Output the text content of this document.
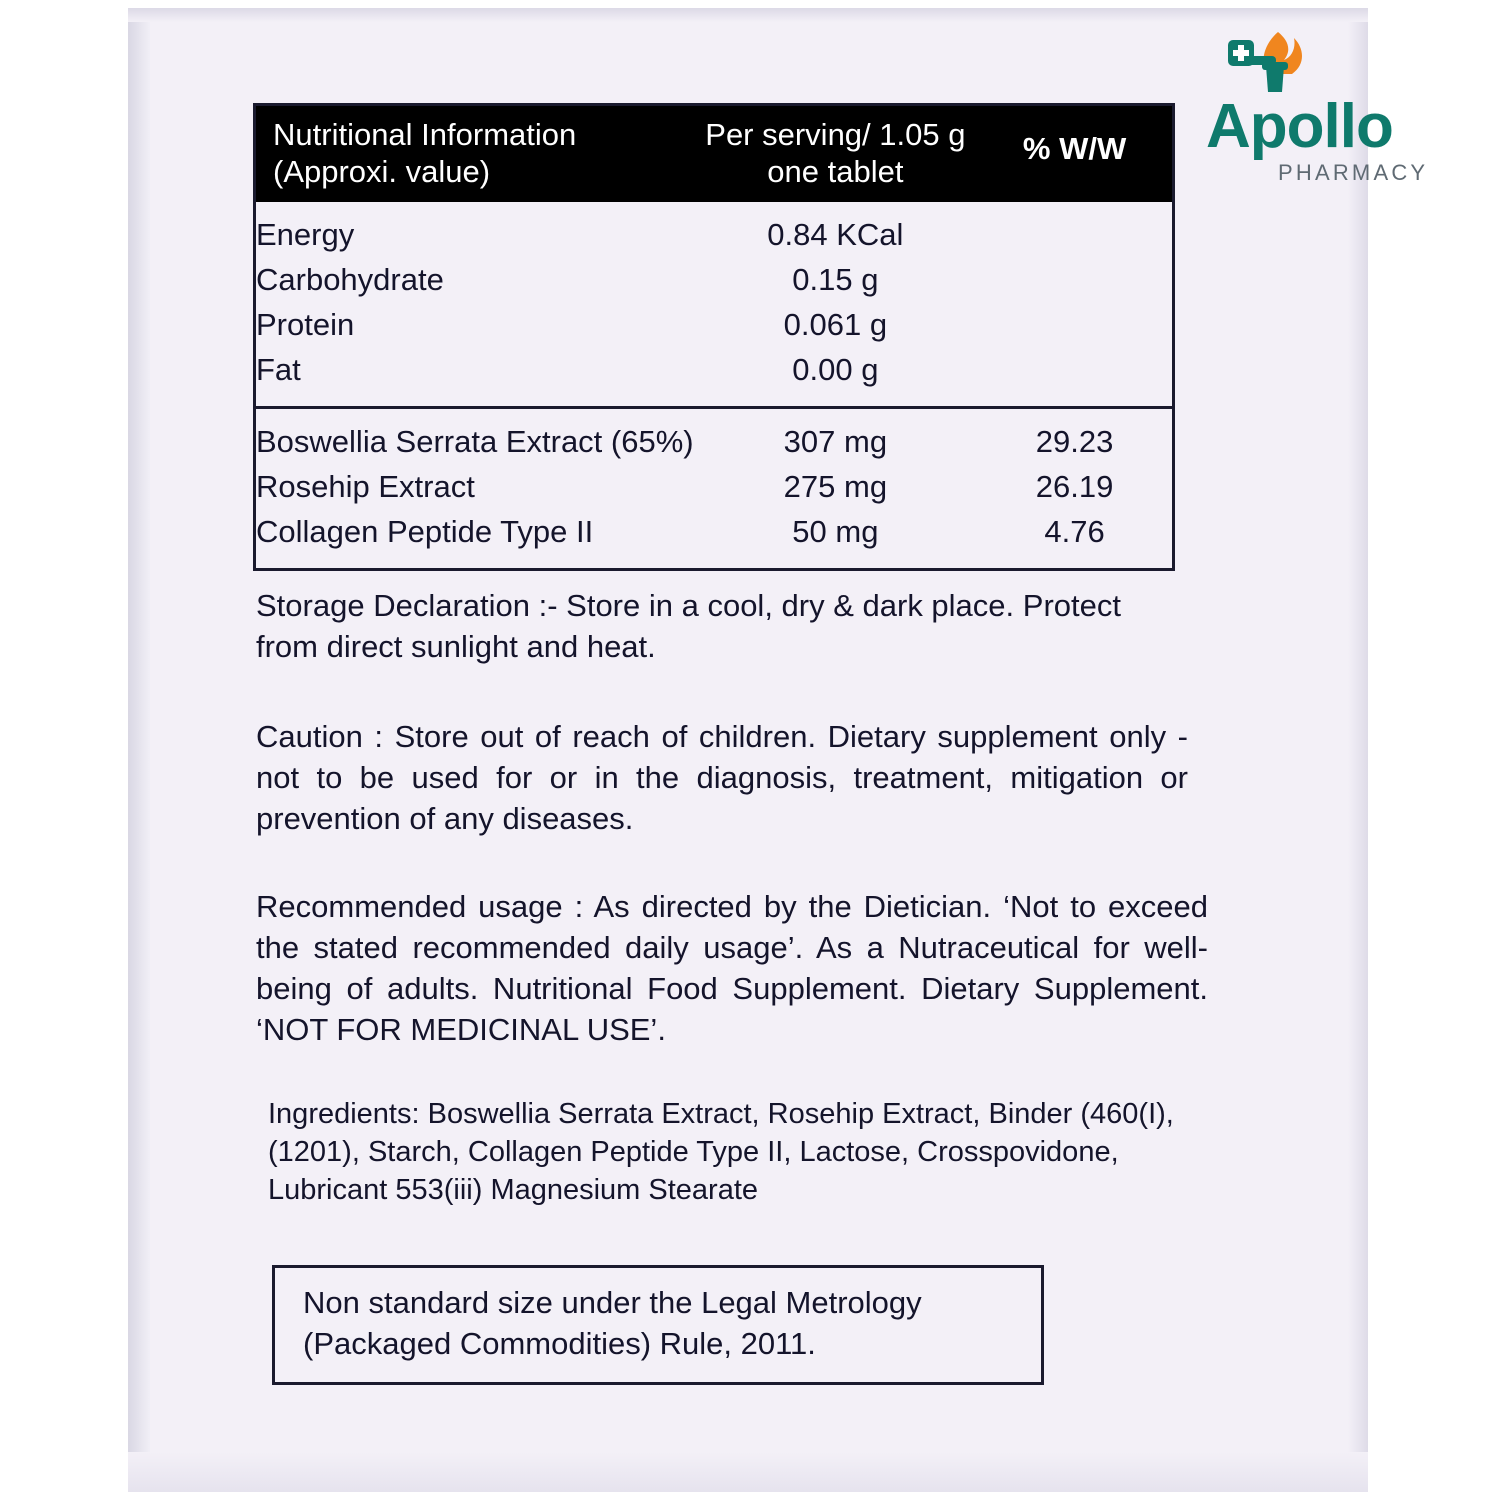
Apollo
PHARMACY
Nutritional Information
(Approxi. value)

Per serving/ 1.05 g
one tablet
	% W/W
Energy	0.84 KCal	
Carbohydrate	0.15 g	
Protein	0.061 g	
Fat	0.00 g	

Boswellia Serrata Extract (65%)	307 mg	29.23
Rosehip Extract	275 mg	26.19
Collagen Peptide Type II	50 mg	4.76
Storage Declaration :- Store in a cool, dry & dark place. Protect from direct sunlight and heat.
Caution : Store out of reach of children. Dietary supplement only - not to be used for or in the diagnosis, treatment, mitigation or prevention of any diseases.
Recommended usage : As directed by the Dietician. ‘Not to exceed the stated recommended daily usage’. As a Nutraceutical for well-being of adults. Nutritional Food Supplement. Dietary Supplement. ‘NOT FOR MEDICINAL USE’.
Ingredients: Boswellia Serrata Extract, Rosehip Extract, Binder (460(I), (1201), Starch, Collagen Peptide Type II, Lactose, Crosspovidone, Lubricant 553(iii) Magnesium Stearate
Non standard size under the Legal Metrology
(Packaged Commodities) Rule, 2011.
